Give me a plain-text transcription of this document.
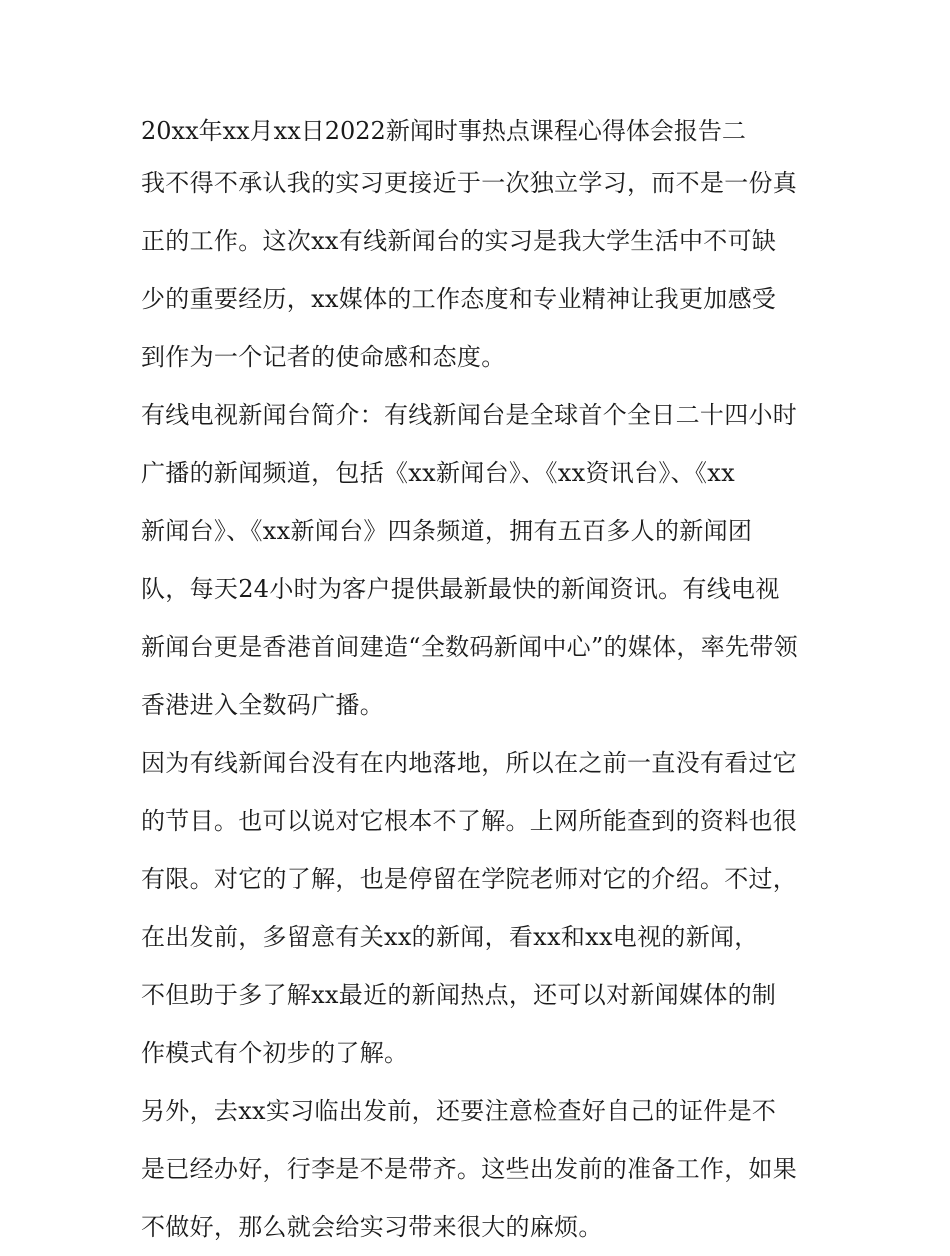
20xx年xx月xx日2022新闻时事热点课程心得体会报告二

我不得不承认我的实习更接近于一次独立学习，而不是一份真
正的工作。这次xx有线新闻台的实习是我大学生活中不可缺
少的重要经历，xx媒体的工作态度和专业精神让我更加感受
到作为一个记者的使命感和态度。

有线电视新闻台简介：有线新闻台是全球首个全日二十四小时
广播的新闻频道，包括《xx新闻台》、《xx资讯台》、《xx
新闻台》、《xx新闻台》四条频道，拥有五百多人的新闻团
队，每天24小时为客户提供最新最快的新闻资讯。有线电视
新闻台更是香港首间建造“全数码新闻中心”的媒体，率先带领
香港进入全数码广播。

因为有线新闻台没有在内地落地，所以在之前一直没有看过它
的节目。也可以说对它根本不了解。上网所能查到的资料也很
有限。对它的了解，也是停留在学院老师对它的介绍。不过，
在出发前，多留意有关xx的新闻，看xx和xx电视的新闻，
不但助于多了解xx最近的新闻热点，还可以对新闻媒体的制
作模式有个初步的了解。

另外，去xx实习临出发前，还要注意检查好自己的证件是不
是已经办好，行李是不是带齐。这些出发前的准备工作，如果
不做好，那么就会给实习带来很大的麻烦。
